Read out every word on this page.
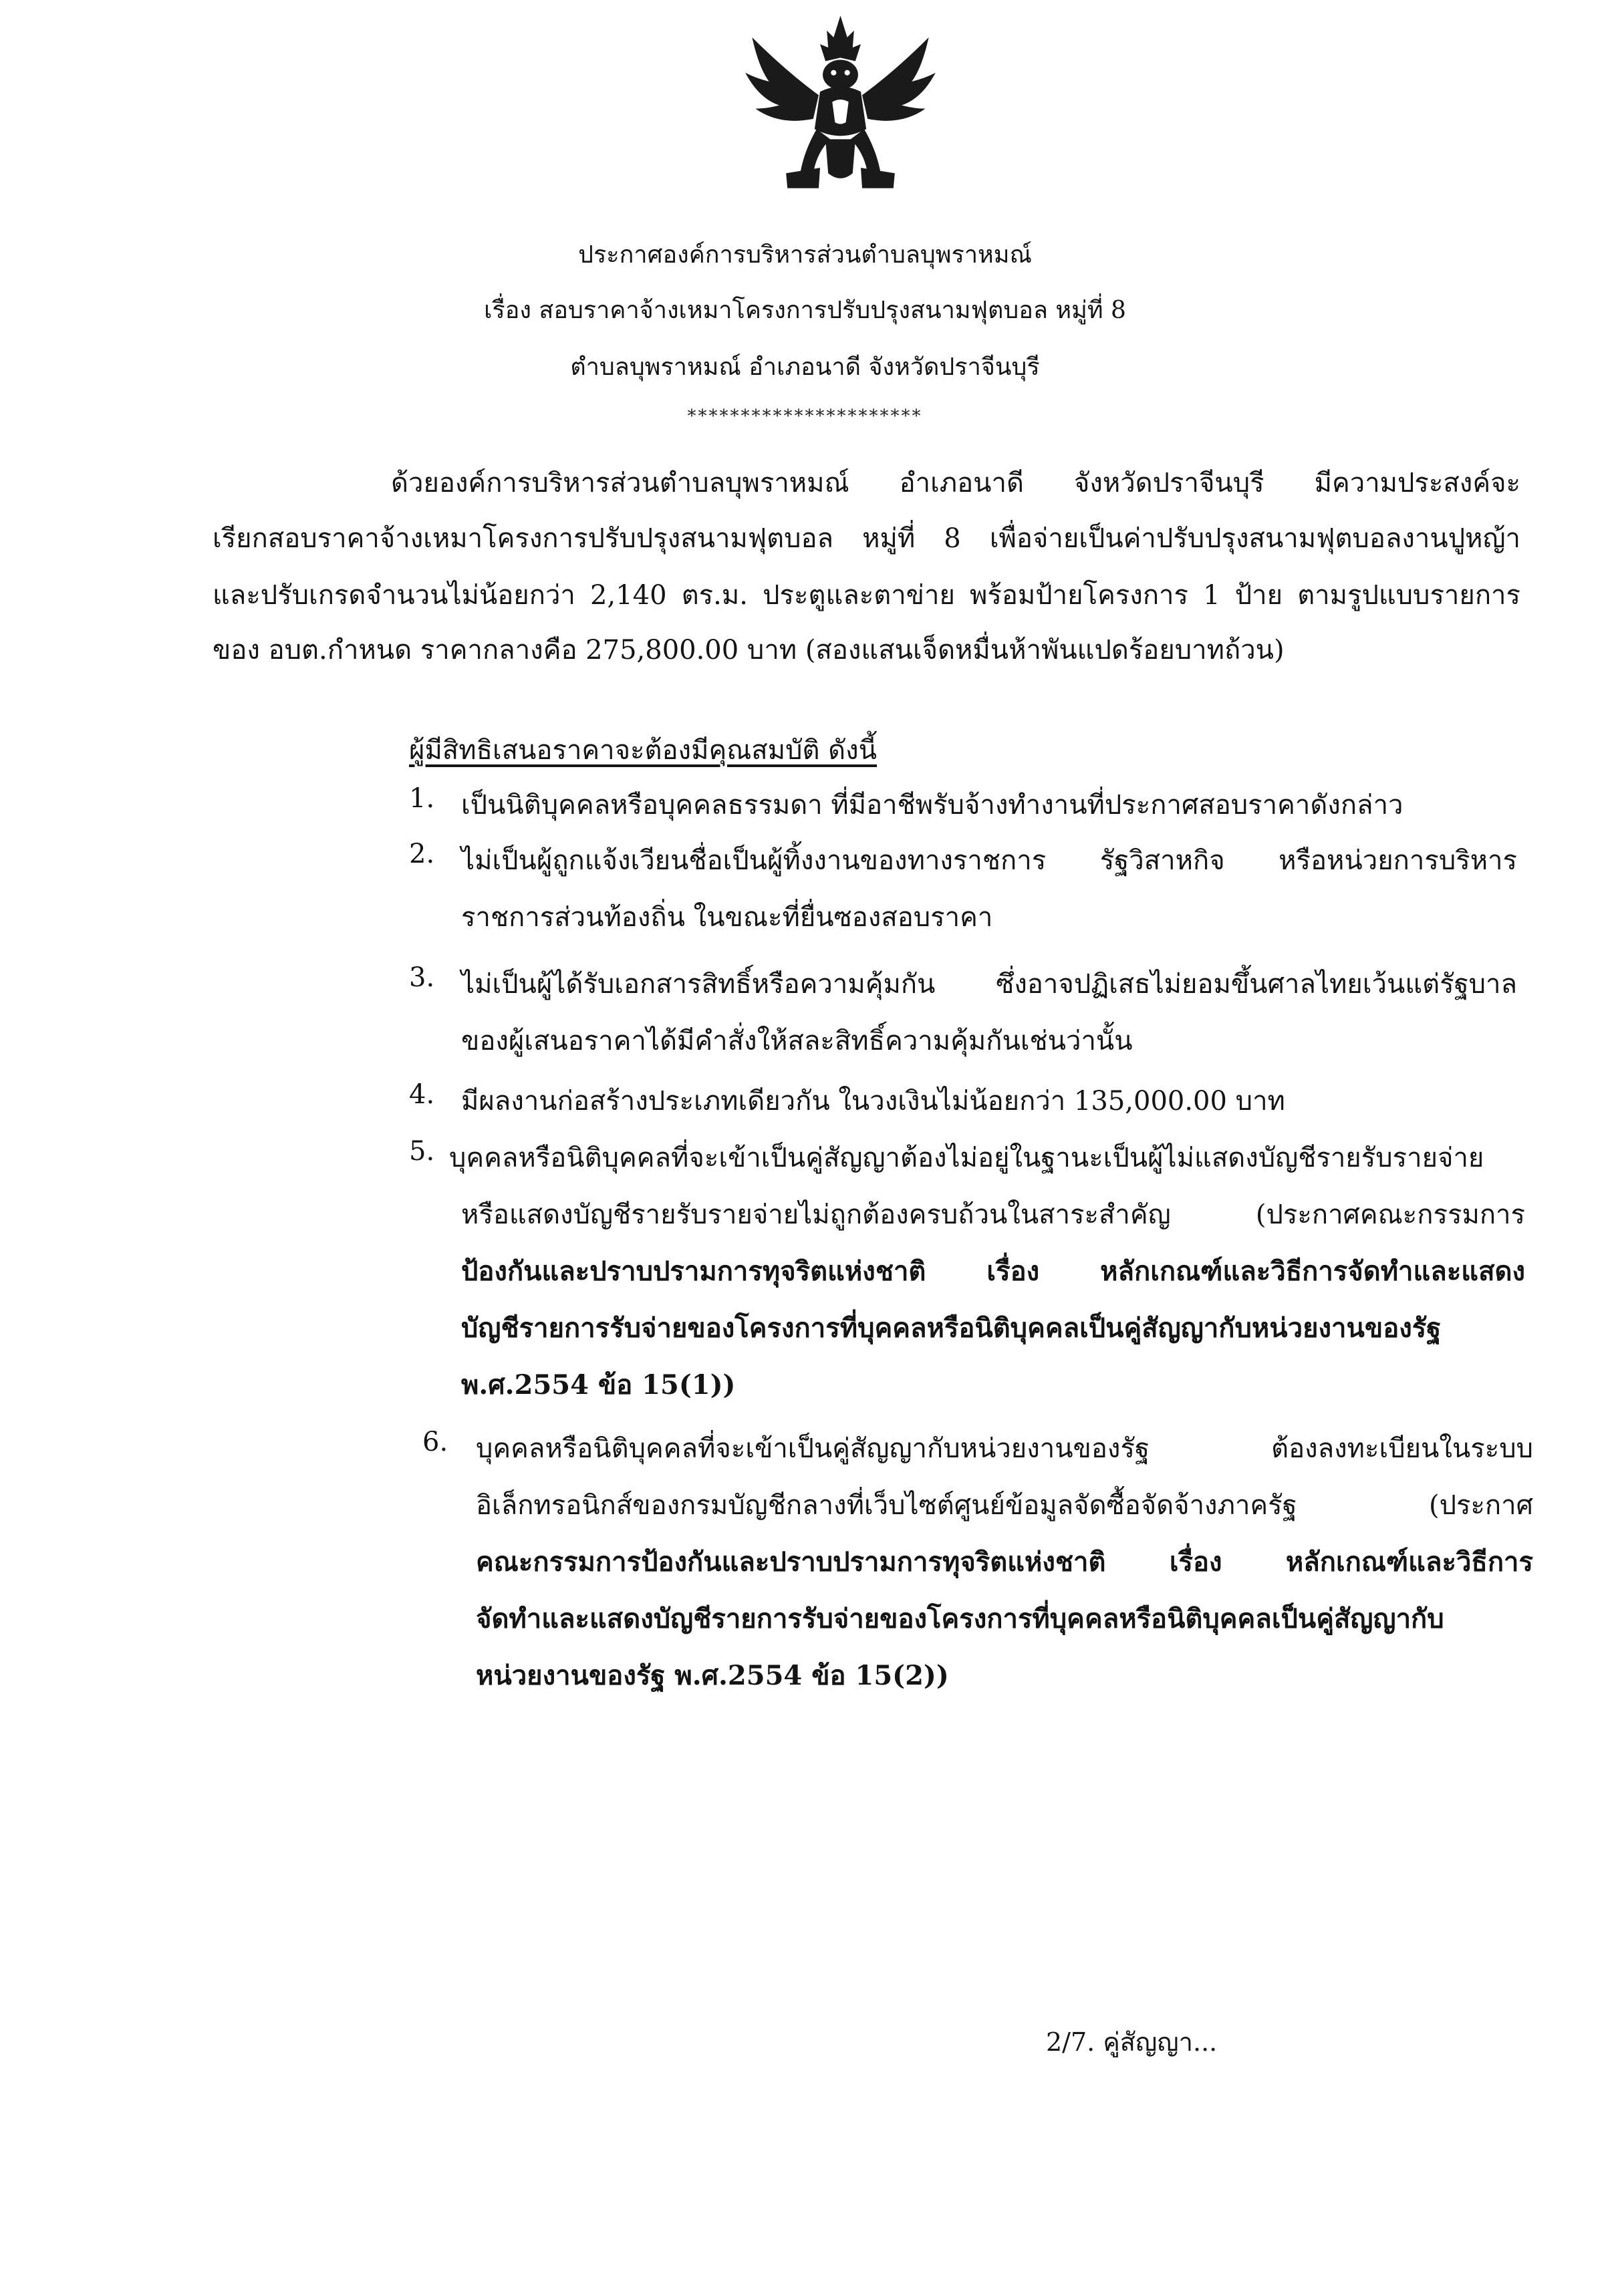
ประกาศองค์การบริหารส่วนตำบลบุพราหมณ์
เรื่อง สอบราคาจ้างเหมาโครงการปรับปรุงสนามฟุตบอล หมู่ที่ 8
ตำบลบุพราหมณ์ อำเภอนาดี จังหวัดปราจีนบุรี
**********************
ด้วยองค์การบริหารส่วนตำบลบุพราหมณ์ อำเภอนาดี จังหวัดปราจีนบุรี มีความประสงค์จะ
เรียกสอบราคาจ้างเหมาโครงการปรับปรุงสนามฟุตบอล หมู่ที่ 8 เพื่อจ่ายเป็นค่าปรับปรุงสนามฟุตบอลงานปูหญ้า
และปรับเกรดจำนวนไม่น้อยกว่า 2,140 ตร.ม. ประตูและตาข่าย พร้อมป้ายโครงการ 1 ป้าย ตามรูปแบบรายการ
ของ อบต.กำหนด ราคากลางคือ 275,800.00 บาท (สองแสนเจ็ดหมื่นห้าพันแปดร้อยบาทถ้วน)
ผู้มีสิทธิเสนอราคาจะต้องมีคุณสมบัติ ดังนี้
1. เป็นนิติบุคคลหรือบุคคลธรรมดา ที่มีอาชีพรับจ้างทำงานที่ประกาศสอบราคาดังกล่าว
2. ไม่เป็นผู้ถูกแจ้งเวียนชื่อเป็นผู้ทิ้งงานของทางราชการ รัฐวิสาหกิจ หรือหน่วยการบริหาร
ราชการส่วนท้องถิ่น ในขณะที่ยื่นซองสอบราคา
3. ไม่เป็นผู้ได้รับเอกสารสิทธิ์หรือความคุ้มกัน ซึ่งอาจปฏิเสธไม่ยอมขึ้นศาลไทยเว้นแต่รัฐบาล
ของผู้เสนอราคาได้มีคำสั่งให้สละสิทธิ์ความคุ้มกันเช่นว่านั้น
4. มีผลงานก่อสร้างประเภทเดียวกัน ในวงเงินไม่น้อยกว่า 135,000.00 บาท
5. บุคคลหรือนิติบุคคลที่จะเข้าเป็นคู่สัญญาต้องไม่อยู่ในฐานะเป็นผู้ไม่แสดงบัญชีรายรับรายจ่าย
หรือแสดงบัญชีรายรับรายจ่ายไม่ถูกต้องครบถ้วนในสาระสำคัญ (ประกาศคณะกรรมการ
ป้องกันและปราบปรามการทุจริตแห่งชาติ เรื่อง หลักเกณฑ์และวิธีการจัดทำและแสดง
บัญชีรายการรับจ่ายของโครงการที่บุคคลหรือนิติบุคคลเป็นคู่สัญญากับหน่วยงานของรัฐ
พ.ศ.2554 ข้อ 15(1))
6. บุคคลหรือนิติบุคคลที่จะเข้าเป็นคู่สัญญากับหน่วยงานของรัฐ ต้องลงทะเบียนในระบบ
อิเล็กทรอนิกส์ของกรมบัญชีกลางที่เว็บไซต์ศูนย์ข้อมูลจัดซื้อจัดจ้างภาครัฐ (ประกาศ
คณะกรรมการป้องกันและปราบปรามการทุจริตแห่งชาติ เรื่อง หลักเกณฑ์และวิธีการ
จัดทำและแสดงบัญชีรายการรับจ่ายของโครงการที่บุคคลหรือนิติบุคคลเป็นคู่สัญญากับ
หน่วยงานของรัฐ พ.ศ.2554 ข้อ 15(2))
2/7. คู่สัญญา...
